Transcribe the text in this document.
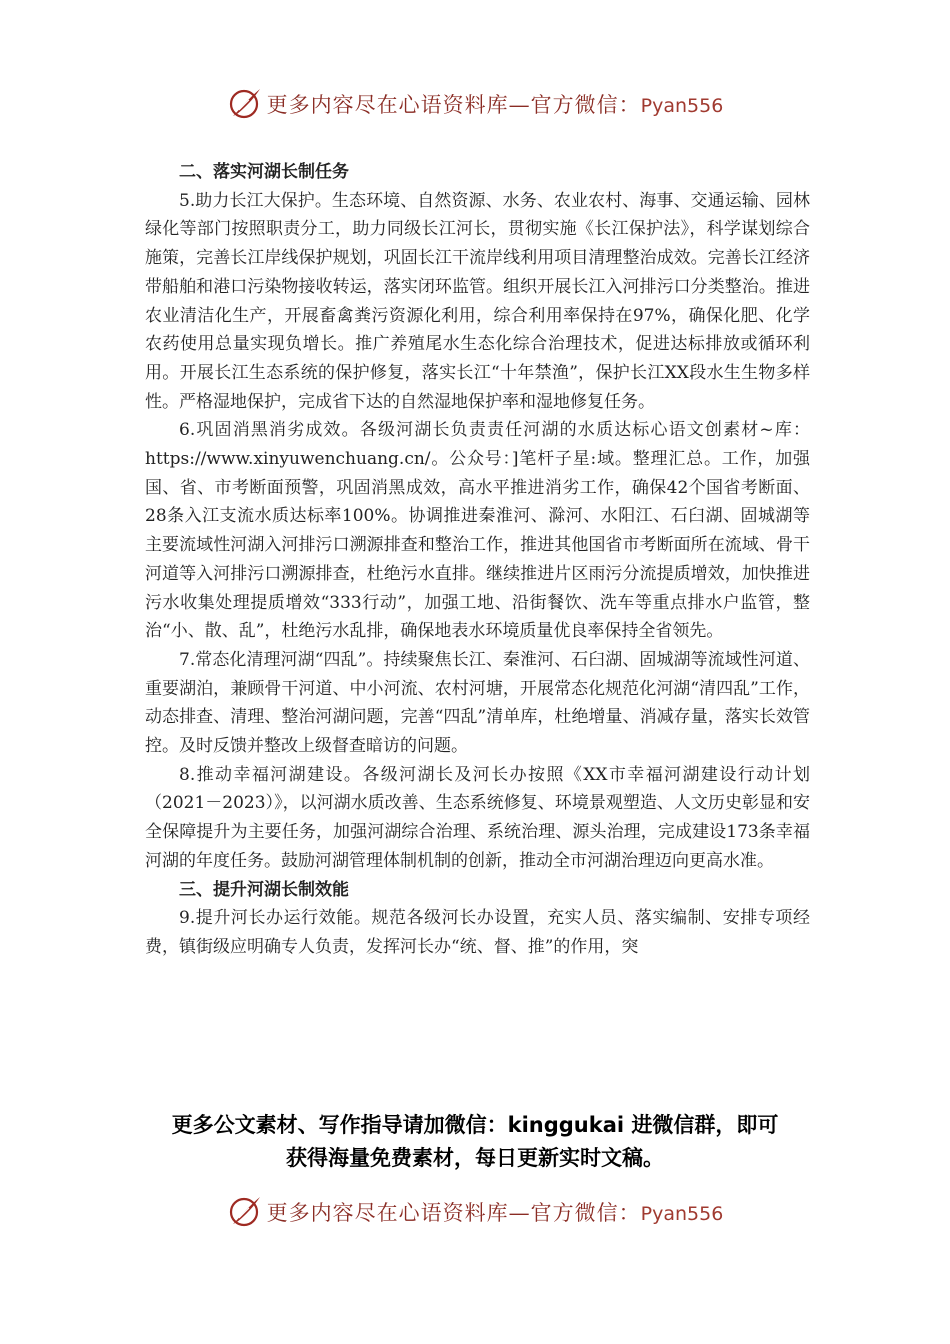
更多内容尽在心语资料库—官方微信：Pyan556
二、落实河湖长制任务

5.助力长江大保护。生态环境、自然资源、水务、农业农村、海事、交通运输、园林绿化等部门按照职责分工，助力同级长江河长，贯彻实施《长江保护法》，科学谋划综合施策，完善长江岸线保护规划，巩固长江干流岸线利用项目清理整治成效。完善长江经济带船舶和港口污染物接收转运，落实闭环监管。组织开展长江入河排污口分类整治。推进农业清洁化生产，开展畜禽粪污资源化利用，综合利用率保持在97%，确保化肥、化学农药使用总量实现负增长。推广养殖尾水生态化综合治理技术，促进达标排放或循环利用。开展长江生态系统的保护修复，落实长江“十年禁渔”，保护长江XX段水生生物多样性。严格湿地保护，完成省下达的自然湿地保护率和湿地修复任务。

6.巩固消黑消劣成效。各级河湖长负责责任河湖的水质达标心语文创素材~库：https://www.xinyuwenchuang.cn/。公众号：]笔杆子星:域。整理汇总。工作，加强国、省、市考断面预警，巩固消黑成效，高水平推进消劣工作，确保42个国省考断面、28条入江支流水质达标率100%。协调推进秦淮河、滁河、水阳江、石臼湖、固城湖等主要流域性河湖入河排污口溯源排查和整治工作，推进其他国省市考断面所在流域、骨干河道等入河排污口溯源排查，杜绝污水直排。继续推进片区雨污分流提质增效，加快推进污水收集处理提质增效“333行动”，加强工地、沿街餐饮、洗车等重点排水户监管，整治“小、散、乱”，杜绝污水乱排，确保地表水环境质量优良率保持全省领先。

7.常态化清理河湖“四乱”。持续聚焦长江、秦淮河、石臼湖、固城湖等流域性河道、重要湖泊，兼顾骨干河道、中小河流、农村河塘，开展常态化规范化河湖“清四乱”工作，动态排查、清理、整治河湖问题，完善“四乱”清单库，杜绝增量、消减存量，落实长效管控。及时反馈并整改上级督查暗访的问题。

8.推动幸福河湖建设。各级河湖长及河长办按照《XX市幸福河湖建设行动计划（2021－2023）》，以河湖水质改善、生态系统修复、环境景观塑造、人文历史彰显和安全保障提升为主要任务，加强河湖综合治理、系统治理、源头治理，完成建设173条幸福河湖的年度任务。鼓励河湖管理体制机制的创新，推动全市河湖治理迈向更高水准。

三、提升河湖长制效能

9.提升河长办运行效能。规范各级河长办设置，充实人员、落实编制、安排专项经费，镇街级应明确专人负责，发挥河长办“统、督、推”的作用，突

更多公文素材、写作指导请加微信：kinggukai 进微信群，即可
获得海量免费素材，每日更新实时文稿。
更多内容尽在心语资料库—官方微信：Pyan556
